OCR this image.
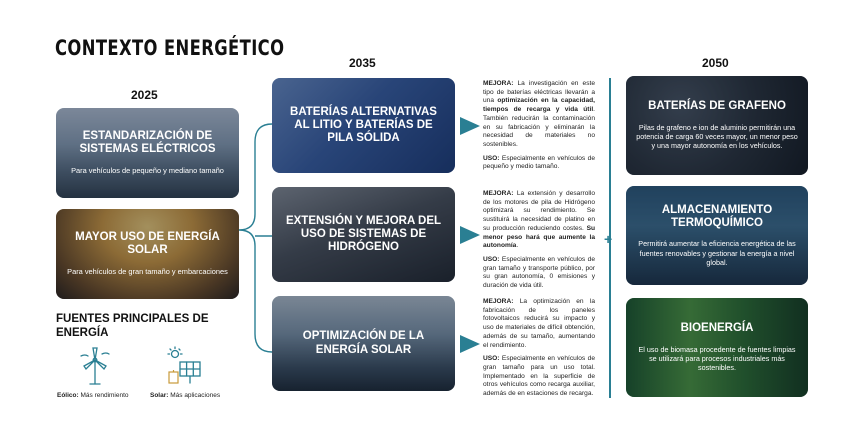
CONTEXTO ENERGÉTICO
2025
2035	2050
ESTANDARIZACIÓN DE SISTEMAS ELÉCTRICOS
Para vehículos de pequeño y mediano tamaño
MAYOR USO DE ENERGÍA SOLAR
Para vehículos de gran tamaño y embarcaciones
BATERÍAS ALTERNATIVAS AL LITIO Y BATERÍAS DE PILA SÓLIDA
EXTENSIÓN Y MEJORA DEL USO DE SISTEMAS DE HIDRÓGENO
OPTIMIZACIÓN DE LA ENERGÍA SOLAR

MEJORA: La investigación en este tipo de baterías eléctricas llevarán a una optimización en la capacidad, tiempos de recarga y vida útil. También reducirán la contaminación en su fabricación y eliminarán la necesidad de materiales no sostenibles.

USO: Especialmente en vehículos de pequeño y medio tamaño.

MEJORA: La extensión y desarrollo de los motores de pila de Hidrógeno optimizará su rendimiento. Se sustituirá la necesidad de platino en su producción reduciendo costes. Su menor peso hará que aumente la autonomía.

USO: Especialmente en vehículos de gran tamaño y transporte público, por su gran autonomía, 0 emisiones y duración de vida útil.

MEJORA: La optimización en la fabricación de los paneles fotovoltaicos reducirá su impacto y uso de materiales de difícil obtención, además de su tamaño, aumentando el rendimiento.

USO: Especialmente en vehículos de gran tamaño para un uso total. Implementado en la superficie de otros vehículos como recarga auxiliar, además de en estaciones de recarga.

+
BATERÍAS DE GRAFENO
Pilas de grafeno e ion de aluminio permitirán una potencia de carga 60 veces mayor, un menor peso y una mayor autonomía en los vehículos.
ALMACENAMIENTO TERMOQUÍMICO
Permitirá aumentar la eficiencia energética de las fuentes renovables y gestionar la energía a nivel global.
BIOENERGÍA
El uso de biomasa procedente de fuentes limpias se utilizará para procesos industriales más sostenibles.
FUENTES PRINCIPALES DE ENERGÍA
Eólico: Más rendimiento	Solar: Más aplicaciones
